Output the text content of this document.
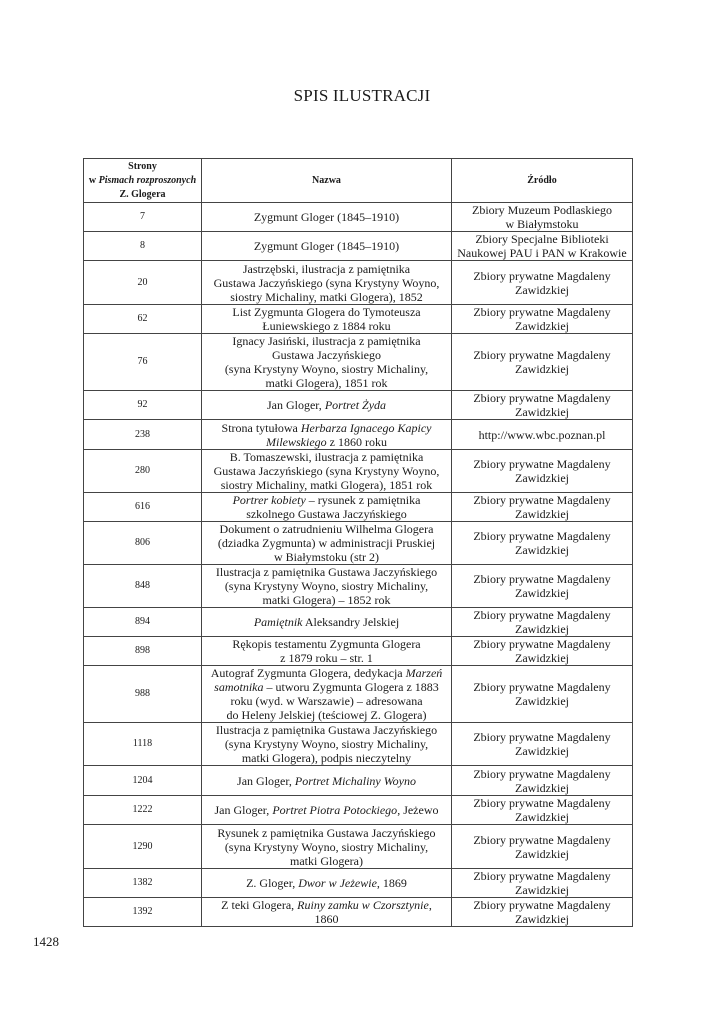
SPIS ILUSTRACJI
Strony
w Pismach rozproszonych
Z. Glogera	Nazwa	Źródło
7	Zygmunt Gloger (1845–1910)	Zbiory Muzeum Podlaskiego
w Białymstoku
8	Zygmunt Gloger (1845–1910)	Zbiory Specjalne Biblioteki
Naukowej PAU i PAN w Krakowie
20	Jastrzębski, ilustracja z pamiętnika
Gustawa Jaczyńskiego (syna Krystyny Woyno,
siostry Michaliny, matki Glogera), 1852	Zbiory prywatne Magdaleny
Zawidzkiej
62	List Zygmunta Glogera do Tymoteusza
Łuniewskiego z 1884 roku	Zbiory prywatne Magdaleny
Zawidzkiej
76	Ignacy Jasiński, ilustracja z pamiętnika
Gustawa Jaczyńskiego
(syna Krystyny Woyno, siostry Michaliny,
matki Glogera), 1851 rok	Zbiory prywatne Magdaleny
Zawidzkiej
92	Jan Gloger, Portret Żyda	Zbiory prywatne Magdaleny
Zawidzkiej
238	Strona tytułowa Herbarza Ignacego Kapicy
Milewskiego z 1860 roku	http://www.wbc.poznan.pl
280	B. Tomaszewski, ilustracja z pamiętnika
Gustawa Jaczyńskiego (syna Krystyny Woyno,
siostry Michaliny, matki Glogera), 1851 rok	Zbiory prywatne Magdaleny
Zawidzkiej
616	Portrer kobiety – rysunek z pamiętnika
szkolnego Gustawa Jaczyńskiego	Zbiory prywatne Magdaleny
Zawidzkiej
806	Dokument o zatrudnieniu Wilhelma Glogera
(dziadka Zygmunta) w administracji Pruskiej
w Białymstoku (str 2)	Zbiory prywatne Magdaleny
Zawidzkiej
848	Ilustracja z pamiętnika Gustawa Jaczyńskiego
(syna Krystyny Woyno, siostry Michaliny,
matki Glogera) – 1852 rok	Zbiory prywatne Magdaleny
Zawidzkiej
894	Pamiętnik Aleksandry Jelskiej	Zbiory prywatne Magdaleny
Zawidzkiej
898	Rękopis testamentu Zygmunta Glogera
z 1879 roku – str. 1	Zbiory prywatne Magdaleny
Zawidzkiej
988	Autograf Zygmunta Glogera, dedykacja Marzeń
samotnika – utworu Zygmunta Glogera z 1883
roku (wyd. w Warszawie) – adresowana
do Heleny Jelskiej (teściowej Z. Glogera)	Zbiory prywatne Magdaleny
Zawidzkiej
1118	Ilustracja z pamiętnika Gustawa Jaczyńskiego
(syna Krystyny Woyno, siostry Michaliny,
matki Glogera), podpis nieczytelny	Zbiory prywatne Magdaleny
Zawidzkiej
1204	Jan Gloger, Portret Michaliny Woyno	Zbiory prywatne Magdaleny
Zawidzkiej
1222	Jan Gloger, Portret Piotra Potockiego, Jeżewo	Zbiory prywatne Magdaleny
Zawidzkiej
1290	Rysunek z pamiętnika Gustawa Jaczyńskiego
(syna Krystyny Woyno, siostry Michaliny,
matki Glogera)	Zbiory prywatne Magdaleny
Zawidzkiej
1382	Z. Gloger, Dwor w Jeżewie, 1869	Zbiory prywatne Magdaleny
Zawidzkiej
1392	Z teki Glogera, Ruiny zamku w Czorsztynie,
1860	Zbiory prywatne Magdaleny
Zawidzkiej
1428
